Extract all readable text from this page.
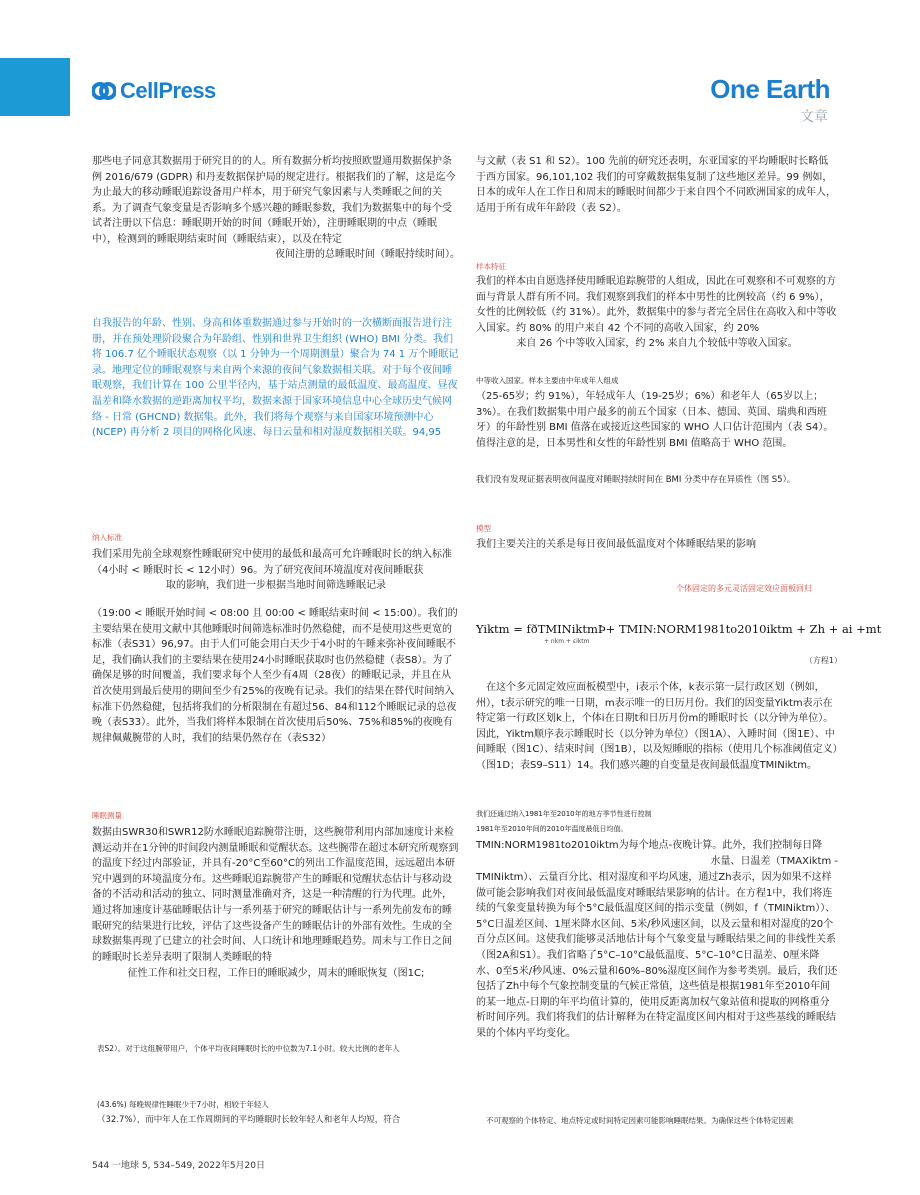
CellPress	One Earth
文章

那些电子同意其数据用于研究目的的人。所有数据分析均按照欧盟通用数据保护条例 2016/679 (GDPR) 和丹麦数据保护局的规定进行。根据我们的了解，这是迄今为止最大的移动睡眠追踪设备用户样本，用于研究气象因素与人类睡眠之间的关系。为了调查气象变量是否影响多个感兴趣的睡眠参数，我们为数据集中的每个受试者注册以下信息：睡眠期开始的时间（睡眠开始），注册睡眠期的中点（睡眠中），检测到的睡眠期结束时间（睡眠结束），以及在特定

夜间注册的总睡眠时间（睡眠持续时间）。

自我报告的年龄、性别、身高和体重数据通过参与开始时的一次横断面报告进行注册，并在预处理阶段聚合为年龄组、性别和世界卫生组织 (WHO) BMI 分类。我们将 106.7 亿个睡眠状态观察（以 1 分钟为一个周期测量）聚合为 74 1 万个睡眠记录。地理定位的睡眠观察与来自两个来源的夜间气象数据相关联。对于每个夜间睡眠观察，我们计算在 100 公里半径内，基于站点测量的最低温度、最高温度、昼夜温差和降水数据的逆距离加权平均，数据来源于国家环境信息中心全球历史气候网络 - 日常 (GHCND) 数据集。此外，我们将每个观察与来自国家环境预测中心 (NCEP) 再分析 2 项目的网格化风速、每日云量和相对湿度数据相关联。94,95

纳入标准

我们采用先前全球观察性睡眠研究中使用的最低和最高可允许睡眠时长的纳入标准（4小时 < 睡眠时长 < 12小时）96。为了研究夜间环境温度对夜间睡眠获

取的影响，我们进一步根据当地时间筛选睡眠记录

（19:00 < 睡眠开始时间 < 08:00 且 00:00 < 睡眠结束时间 < 15:00）。我们的主要结果在使用文献中其他睡眠时间筛选标准时仍然稳健，而不是使用这些更宽的标准（表S31）96,97。由于人们可能会用白天少于4小时的午睡来弥补夜间睡眠不足，我们确认我们的主要结果在使用24小时睡眠获取时也仍然稳健（表S8）。为了确保足够的时间覆盖，我们要求每个人至少有4周（28夜）的睡眠记录，并且在从首次使用到最后使用的期间至少有25%的夜晚有记录。我们的结果在替代时间纳入标准下仍然稳健，包括将我们的分析限制在有超过56、84和112个睡眠记录的总夜晚（表S33）。此外，当我们将样本限制在首次使用后50%、75%和85%的夜晚有规律佩戴腕带的人时，我们的结果仍然存在（表S32）

睡眠测量

数据由SWR30和SWR12防水睡眠追踪腕带注册，这些腕带利用内部加速度计来检测运动并在1分钟的时间段内测量睡眠和觉醒状态。这些腕带在超过本研究所观察到的温度下经过内部验证，并具有-20°C至60°C的列出工作温度范围，远远超出本研究中遇到的环境温度分布。这些睡眠追踪腕带产生的睡眠和觉醒状态估计与移动设备的不活动和活动的独立、同时测量准确对齐，这是一种清醒的行为代理。此外，通过将加速度计基础睡眠估计与一系列基于研究的睡眠估计与一系列先前发布的睡眠研究的结果进行比较，评估了这些设备产生的睡眠估计的外部有效性。生成的全球数据集再现了已建立的社会时间、人口统计和地理睡眠趋势。周末与工作日之间的睡眠时长差异表明了限制人类睡眠的特

征性工作和社交日程，工作日的睡眠减少，周末的睡眠恢复（图1C;

表S2）。对于这组腕带用户，个体平均夜间睡眠时长的中位数为7.1小时。较大比例的老年人
(43.6%) 每晚规律性睡眠少于7小时，相较于年轻人
（32.7%），而中年人在工作周期间的平均睡眠时长较年轻人和老年人均短，符合

与文献（表 S1 和 S2）。100 先前的研究还表明，东亚国家的平均睡眠时长略低于西方国家。96,101,102 我们的可穿戴数据集复制了这些地区差异。99 例如，日本的成年人在工作日和周末的睡眠时间都少于来自四个不同欧洲国家的成年人，适用于所有成年年龄段（表 S2）。

样本特征

我们的样本由自愿选择使用睡眠追踪腕带的人组成，因此在可观察和不可观察的方面与背景人群有所不同。我们观察到我们的样本中男性的比例较高（约 6 9%），女性的比例较低（约 31%）。此外，数据集中的参与者完全居住在高收入和中等收入国家。约 80% 的用户来自 42 个不同的高收入国家，约 20%

来自 26 个中等收入国家，约 2% 来自九个较低中等收入国家。

中等收入国家。样本主要由中年成年人组成

（25-65岁；约 91%），年轻成年人（19-25岁；6%）和老年人（65岁以上；3%）。在我们数据集中用户最多的前五个国家（日本、德国、英国、瑞典和西班牙）的年龄性别 BMI 值落在或接近这些国家的 WHO 人口估计范围内（表 S4）。值得注意的是，日本男性和女性的年龄性别 BMI 值略高于 WHO 范围。

我们没有发现证据表明夜间温度对睡眠持续时间在 BMI 分类中存在异质性（图 S5）。
模型

我们主要关注的关系是每日夜间最低温度对个体睡眠结果的影响

个体固定的多元灵活固定效应面板回归
Yiktm = fðTMINiktmÞ+ TMIN:NORM1981to2010iktm + Zh + ai +mt
+ nkm + εiktm
（方程1）

在这个多元固定效应面板模型中，i表示个体，k表示第一层行政区划（例如，州），t表示研究的唯一日期，m表示唯一的日历月份。我们的因变量Yiktm表示在特定第一行政区划k上，个体i在日期t和日历月份m的睡眠时长（以分钟为单位）。因此，Yiktm顺序表示睡眠时长（以分钟为单位）（图1A）、入睡时间（图1E）、中间睡眠（图1C）、结束时间（图1B），以及短睡眠的指标（使用几个标准阈值定义）（图1D；表S9–S11）14。我们感兴趣的自变量是夜间最低温度TMINiktm。

我们还通过纳入1981年至2010年的地方季节性进行控制
1981年至2010年间的2010年温度最低日均值。

TMIN:NORM1981to2010iktm为每个地点-夜晚计算。此外，我们控制每日降

水量、日温差（TMAXiktm -

TMINiktm）、云量百分比、相对湿度和平均风速，通过Zh表示，因为如果不这样做可能会影响我们对夜间最低温度对睡眠结果影响的估计。在方程1中，我们将连续的气象变量转换为每个5°C最低温度区间的指示变量（例如，f（TMINiktm））、5°C日温差区间、1厘米降水区间、5米/秒风速区间，以及云量和相对湿度的20个百分点区间。这使我们能够灵活地估计每个气象变量与睡眠结果之间的非线性关系（图2A和S1）。我们省略了5°C–10°C最低温度、5°C–10°C日温差、0厘米降水、0至5米/秒风速、0%云量和60%–80%湿度区间作为参考类别。最后，我们还包括了Zh中每个气象控制变量的气候正常值，这些值是根据1981年至2010年间的某一地点-日期的年平均值计算的，使用反距离加权气象站值和提取的网格重分析时间序列。我们将我们的估计解释为在特定温度区间内相对于这些基线的睡眠结果的个体内平均变化。

不可观察的个体特定、地点特定或时间特定因素可能影响睡眠结果。为确保这些个体特定因素
544 一地球 5, 534–549, 2022年5月20日
